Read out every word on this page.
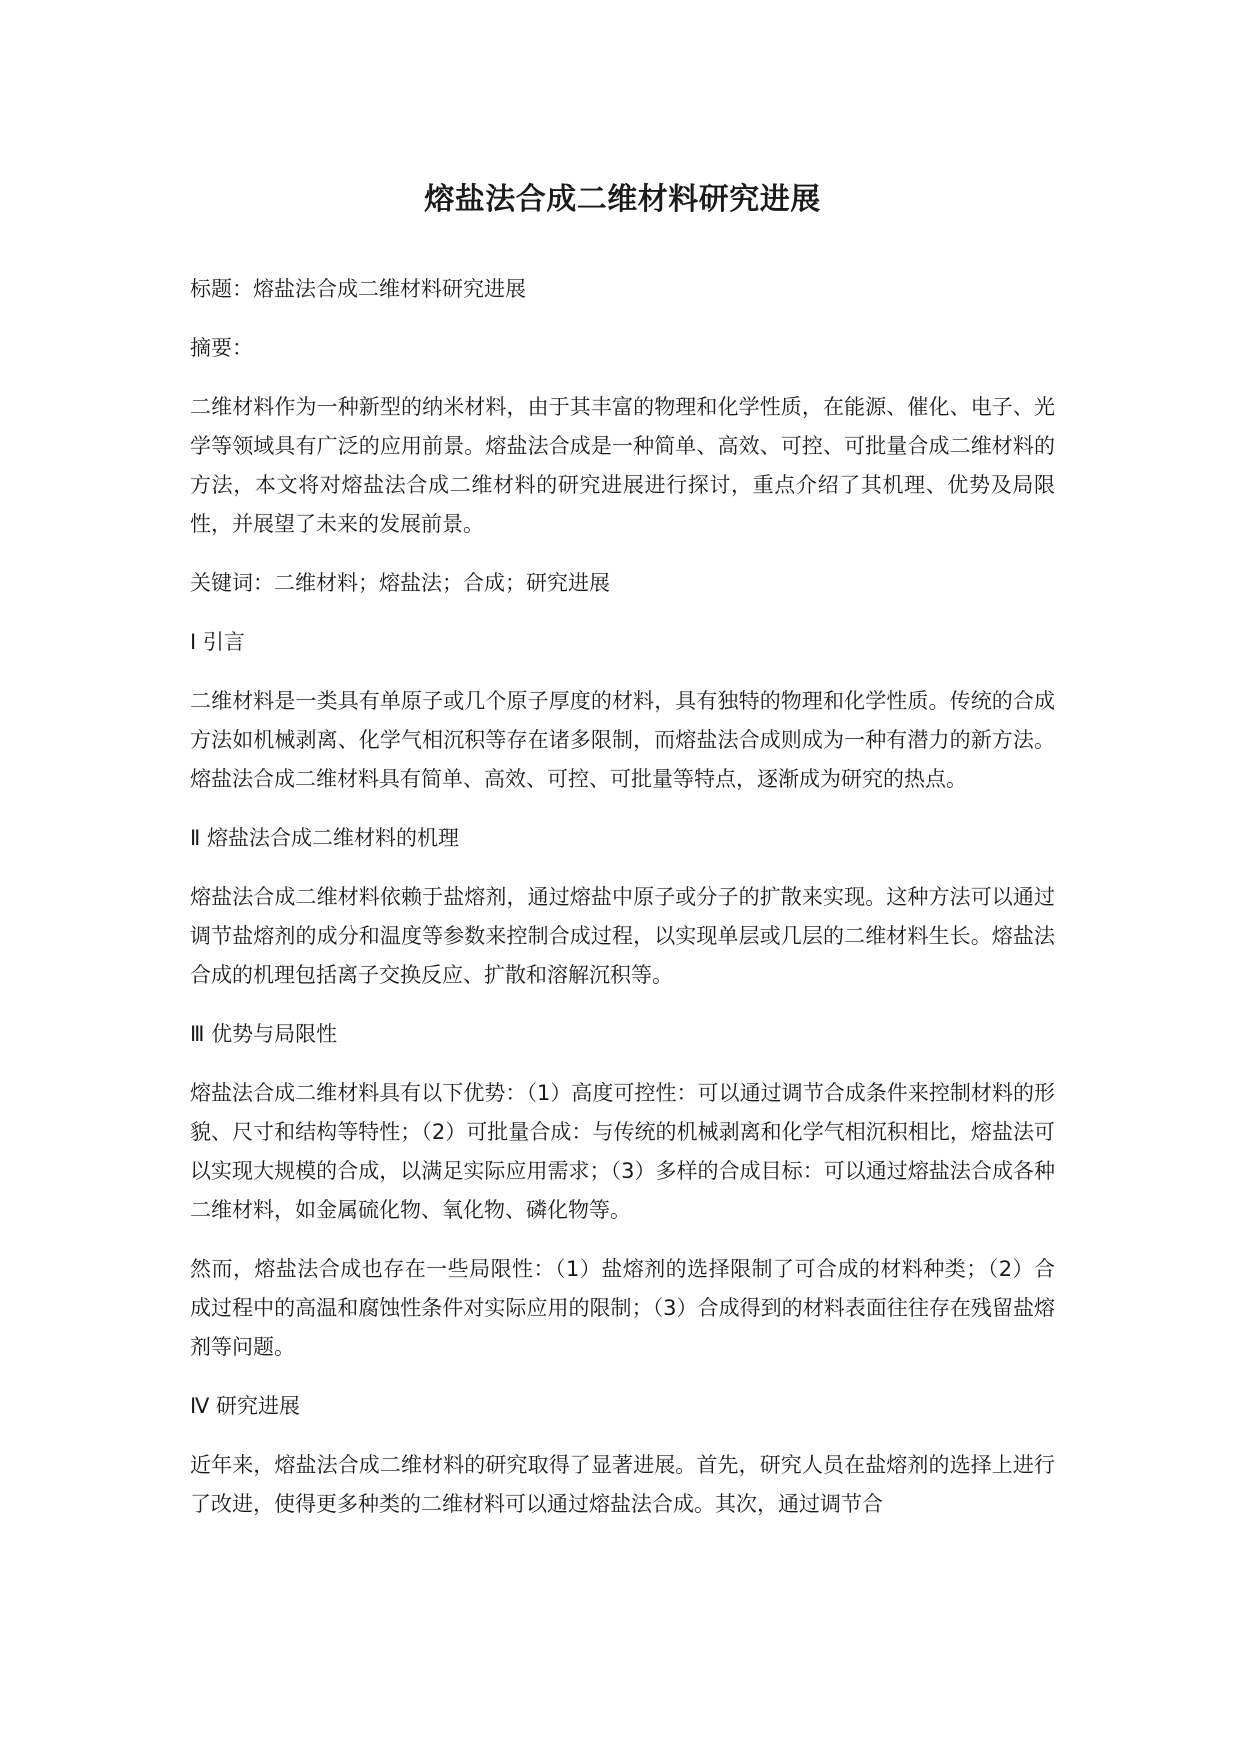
熔盐法合成二维材料研究进展

标题：熔盐法合成二维材料研究进展

摘要：

二维材料作为一种新型的纳米材料，由于其丰富的物理和化学性质，在能源、催化、电子、光学等领域具有广泛的应用前景。熔盐法合成是一种简单、高效、可控、可批量合成二维材料的方法，本文将对熔盐法合成二维材料的研究进展进行探讨，重点介绍了其机理、优势及局限性，并展望了未来的发展前景。

关键词：二维材料；熔盐法；合成；研究进展

Ⅰ 引言

二维材料是一类具有单原子或几个原子厚度的材料，具有独特的物理和化学性质。传统的合成方法如机械剥离、化学气相沉积等存在诸多限制，而熔盐法合成则成为一种有潜力的新方法。熔盐法合成二维材料具有简单、高效、可控、可批量等特点，逐渐成为研究的热点。

Ⅱ 熔盐法合成二维材料的机理

熔盐法合成二维材料依赖于盐熔剂，通过熔盐中原子或分子的扩散来实现。这种方法可以通过调节盐熔剂的成分和温度等参数来控制合成过程，以实现单层或几层的二维材料生长。熔盐法合成的机理包括离子交换反应、扩散和溶解沉积等。

Ⅲ 优势与局限性

熔盐法合成二维材料具有以下优势：（1）高度可控性：可以通过调节合成条件来控制材料的形貌、尺寸和结构等特性；（2）可批量合成：与传统的机械剥离和化学气相沉积相比，熔盐法可以实现大规模的合成，以满足实际应用需求；（3）多样的合成目标：可以通过熔盐法合成各种二维材料，如金属硫化物、氧化物、磷化物等。

然而，熔盐法合成也存在一些局限性：（1）盐熔剂的选择限制了可合成的材料种类；（2）合成过程中的高温和腐蚀性条件对实际应用的限制；（3）合成得到的材料表面往往存在残留盐熔剂等问题。

Ⅳ 研究进展

近年来，熔盐法合成二维材料的研究取得了显著进展。首先，研究人员在盐熔剂的选择上进行了改进，使得更多种类的二维材料可以通过熔盐法合成。其次，通过调节合
